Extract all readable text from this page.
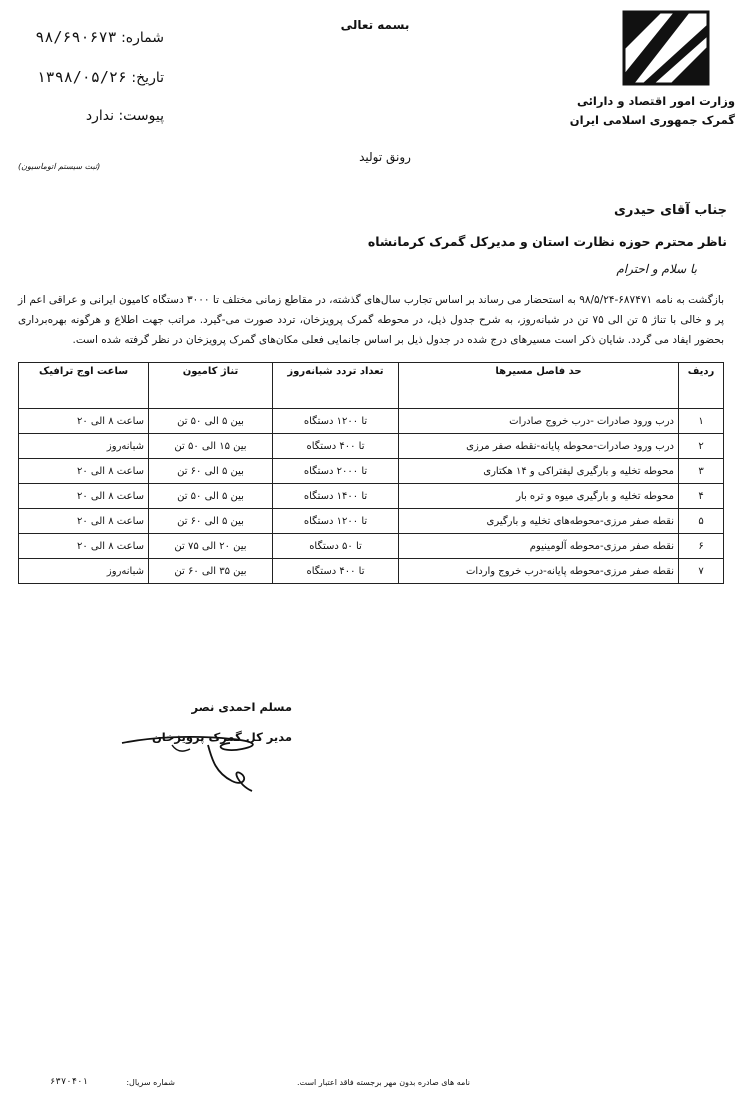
بسمه تعالی
وزارت امور اقتصاد و دارائی
گمرک جمهوری اسلامی ایران
شماره: ۹۸/۶۹۰۶۷۳
تاریخ: ۱۳۹۸/۰۵/۲۶
پیوست: ندارد
رونق تولید
(ثبت سیستم اتوماسیون)
جناب آقای حیدری
ناظر محترم حوزه نظارت استان و مدیرکل گمرک کرمانشاه
با سلام و احترام
بازگشت به نامه ۶۸۷۴۷۱-۹۸/۵/۲۴ به استحضار می رساند بر اساس تجارب سال‌های گذشته، در مقاطع زمانی مختلف تا ۳۰۰۰ دستگاه کامیون ایرانی و عراقی اعم از پر و خالی با تناژ ۵ تن الی ۷۵ تن در شبانه‌روز، به شرح جدول ذیل، در محوطه گمرک پرویزخان، تردد صورت می-گیرد. مراتب جهت اطلاع و هرگونه بهره‌برداری بحضور ایفاد می گردد. شایان ذکر است مسیرهای درج شده در جدول ذیل بر اساس جانمایی فعلی مکان‌های گمرک پرویزخان در نظر گرفته شده است.
ردیف	حد فاصل مسیرها	تعداد تردد شبانه‌روز	تناژ کامیون	ساعت اوج ترافیک
۱	درب ورود صادرات -درب خروج صادرات	تا ۱۲۰۰ دستگاه	بین ۵ الی ۵۰ تن	ساعت ۸ الی ۲۰
۲	درب ورود صادرات-محوطه پایانه-نقطه صفر مرزی	تا ۴۰۰ دستگاه	بین ۱۵ الی ۵۰ تن	شبانه‌روز
۳	محوطه تخلیه و بارگیری لیفتراکی و ۱۴ هکتاری	تا ۲۰۰۰ دستگاه	بین ۵ الی ۶۰ تن	ساعت ۸ الی ۲۰
۴	محوطه تخلیه و بارگیری میوه و تره بار	تا ۱۴۰۰ دستگاه	بین ۵ الی ۵۰ تن	ساعت ۸ الی ۲۰
۵	نقطه صفر مرزی-محوطه‌های تخلیه و بارگیری	تا ۱۲۰۰ دستگاه	بین ۵ الی ۶۰ تن	ساعت ۸ الی ۲۰
۶	نقطه صفر مرزی-محوطه آلومینیوم	تا ۵۰ دستگاه	بین ۲۰ الی ۷۵ تن	ساعت ۸ الی ۲۰
۷	نقطه صفر مرزی-محوطه پایانه-درب خروج واردات	تا ۴۰۰ دستگاه	بین ۳۵ الی ۶۰ تن	شبانه‌روز
مسلم احمدی نصر
مدیر کل گمرک پرویزخان
نامه های صادره بدون مهر برجسته فاقد اعتبار است.
شماره سریال:
۶۳۷۰۴۰۱
